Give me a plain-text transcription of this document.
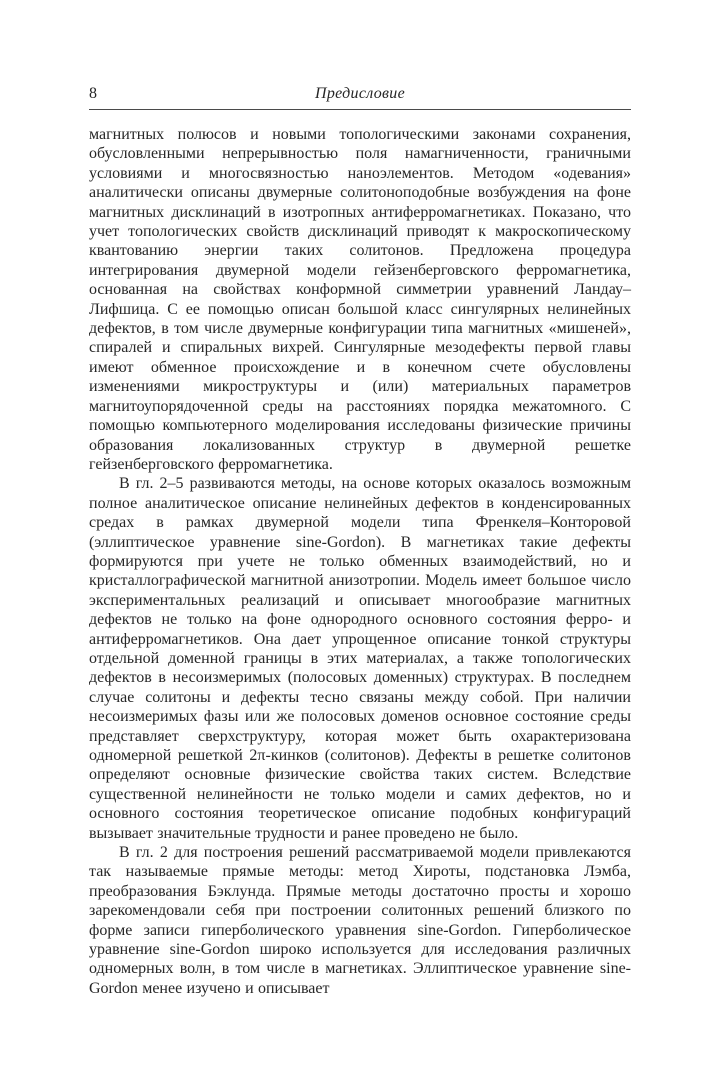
8	Предисловие

магнитных полюсов и новыми топологическими законами сохранения, обусловленными непрерывностью поля намагниченности, граничными условиями и многосвязностью наноэлементов. Методом «одевания» аналитически описаны двумерные солитоноподобные возбуждения на фоне магнитных дисклинаций в изотропных антиферромагнетиках. Показано, что учет топологических свойств дисклинаций приводят к макроскопическому квантованию энергии таких солитонов. Предложена процедура интегрирования двумерной модели гейзенберговского ферромагнетика, основанная на свойствах конформной симметрии уравнений Ландау–Лифшица. С ее помощью описан большой класс сингулярных нелинейных дефектов, в том числе двумерные конфигурации типа магнитных «мишеней», спиралей и спиральных вихрей. Сингулярные мезодефекты первой главы имеют обменное происхождение и в конечном счете обусловлены изменениями микроструктуры и (или) материальных параметров магнитоупорядоченной среды на расстояниях порядка межатомного. С помощью компьютерного моделирования исследованы физические причины образования локализованных структур в двумерной решетке гейзенберговского ферромагнетика.

В гл. 2–5 развиваются методы, на основе которых оказалось возможным полное аналитическое описание нелинейных дефектов в конденсированных средах в рамках двумерной модели типа Френкеля–Конторовой (эллиптическое уравнение sine-Gordon). В магнетиках такие дефекты формируются при учете не только обменных взаимодействий, но и кристаллографической магнитной анизотропии. Модель имеет большое число экспериментальных реализаций и описывает многообразие магнитных дефектов не только на фоне однородного основного состояния ферро- и антиферромагнетиков. Она дает упрощенное описание тонкой структуры отдельной доменной границы в этих материалах, а также топологических дефектов в несоизмеримых (полосовых доменных) структурах. В последнем случае солитоны и дефекты тесно связаны между собой. При наличии несоизмеримых фазы или же полосовых доменов основное состояние среды представляет сверхструктуру, которая может быть охарактеризована одномерной решеткой 2π-кинков (солитонов). Дефекты в решетке солитонов определяют основные физические свойства таких систем. Вследствие существенной нелинейности не только модели и самих дефектов, но и основного состояния теоретическое описание подобных конфигураций вызывает значительные трудности и ранее проведено не было.

В гл. 2 для построения решений рассматриваемой модели привлекаются так называемые прямые методы: метод Хироты, подстановка Лэмба, преобразования Бэклунда. Прямые методы достаточно просты и хорошо зарекомендовали себя при построении солитонных решений близкого по форме записи гиперболического уравнения sine-Gordon. Гиперболическое уравнение sine-Gordon широко используется для исследования различных одномерных волн, в том числе в магнетиках. Эллиптическое уравнение sine-Gordon менее изучено и описывает
